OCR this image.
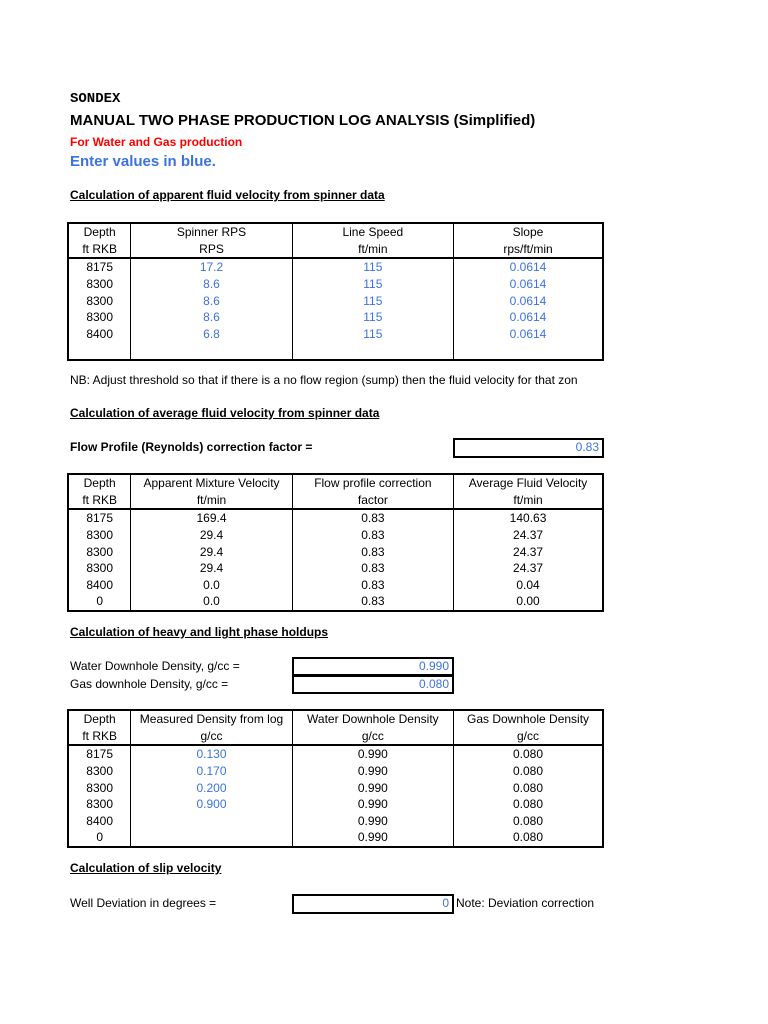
SONDEX
MANUAL TWO PHASE PRODUCTION LOG ANALYSIS (Simplified)
For Water and Gas production
Enter values in blue.
Calculation of apparent fluid velocity from spinner data
Depth	Spinner RPS	Line Speed	Slope
ft RKB	RPS	ft/min	rps/ft/min
8175	17.2	115	0.0614
8300	8.6	115	0.0614
8300	8.6	115	0.0614
8300	8.6	115	0.0614
8400	6.8	115	0.0614

NB: Adjust threshold so that if there is a no flow region (sump) then the fluid velocity for that zon
Calculation of average fluid velocity from spinner data
Flow Profile (Reynolds) correction factor =	0.83
Depth	Apparent Mixture Velocity	Flow profile correction	Average Fluid Velocity
ft RKB	ft/min	factor	ft/min
8175	169.4	0.83	140.63
8300	29.4	0.83	24.37
8300	29.4	0.83	24.37
8300	29.4	0.83	24.37
8400	0.0	0.83	0.04
0	0.0	0.83	0.00
Calculation of heavy and light phase holdups
Water Downhole Density, g/cc =	0.990
Gas downhole Density, g/cc =	0.080
Depth	Measured Density from log	Water Downhole Density	Gas Downhole Density
ft RKB	g/cc	g/cc	g/cc
8175	0.130	0.990	0.080
8300	0.170	0.990	0.080
8300	0.200	0.990	0.080
8300	0.900	0.990	0.080
8400		0.990	0.080
0		0.990	0.080
Calculation of slip velocity
Well Deviation in degrees =	0 Note: Deviation correction
